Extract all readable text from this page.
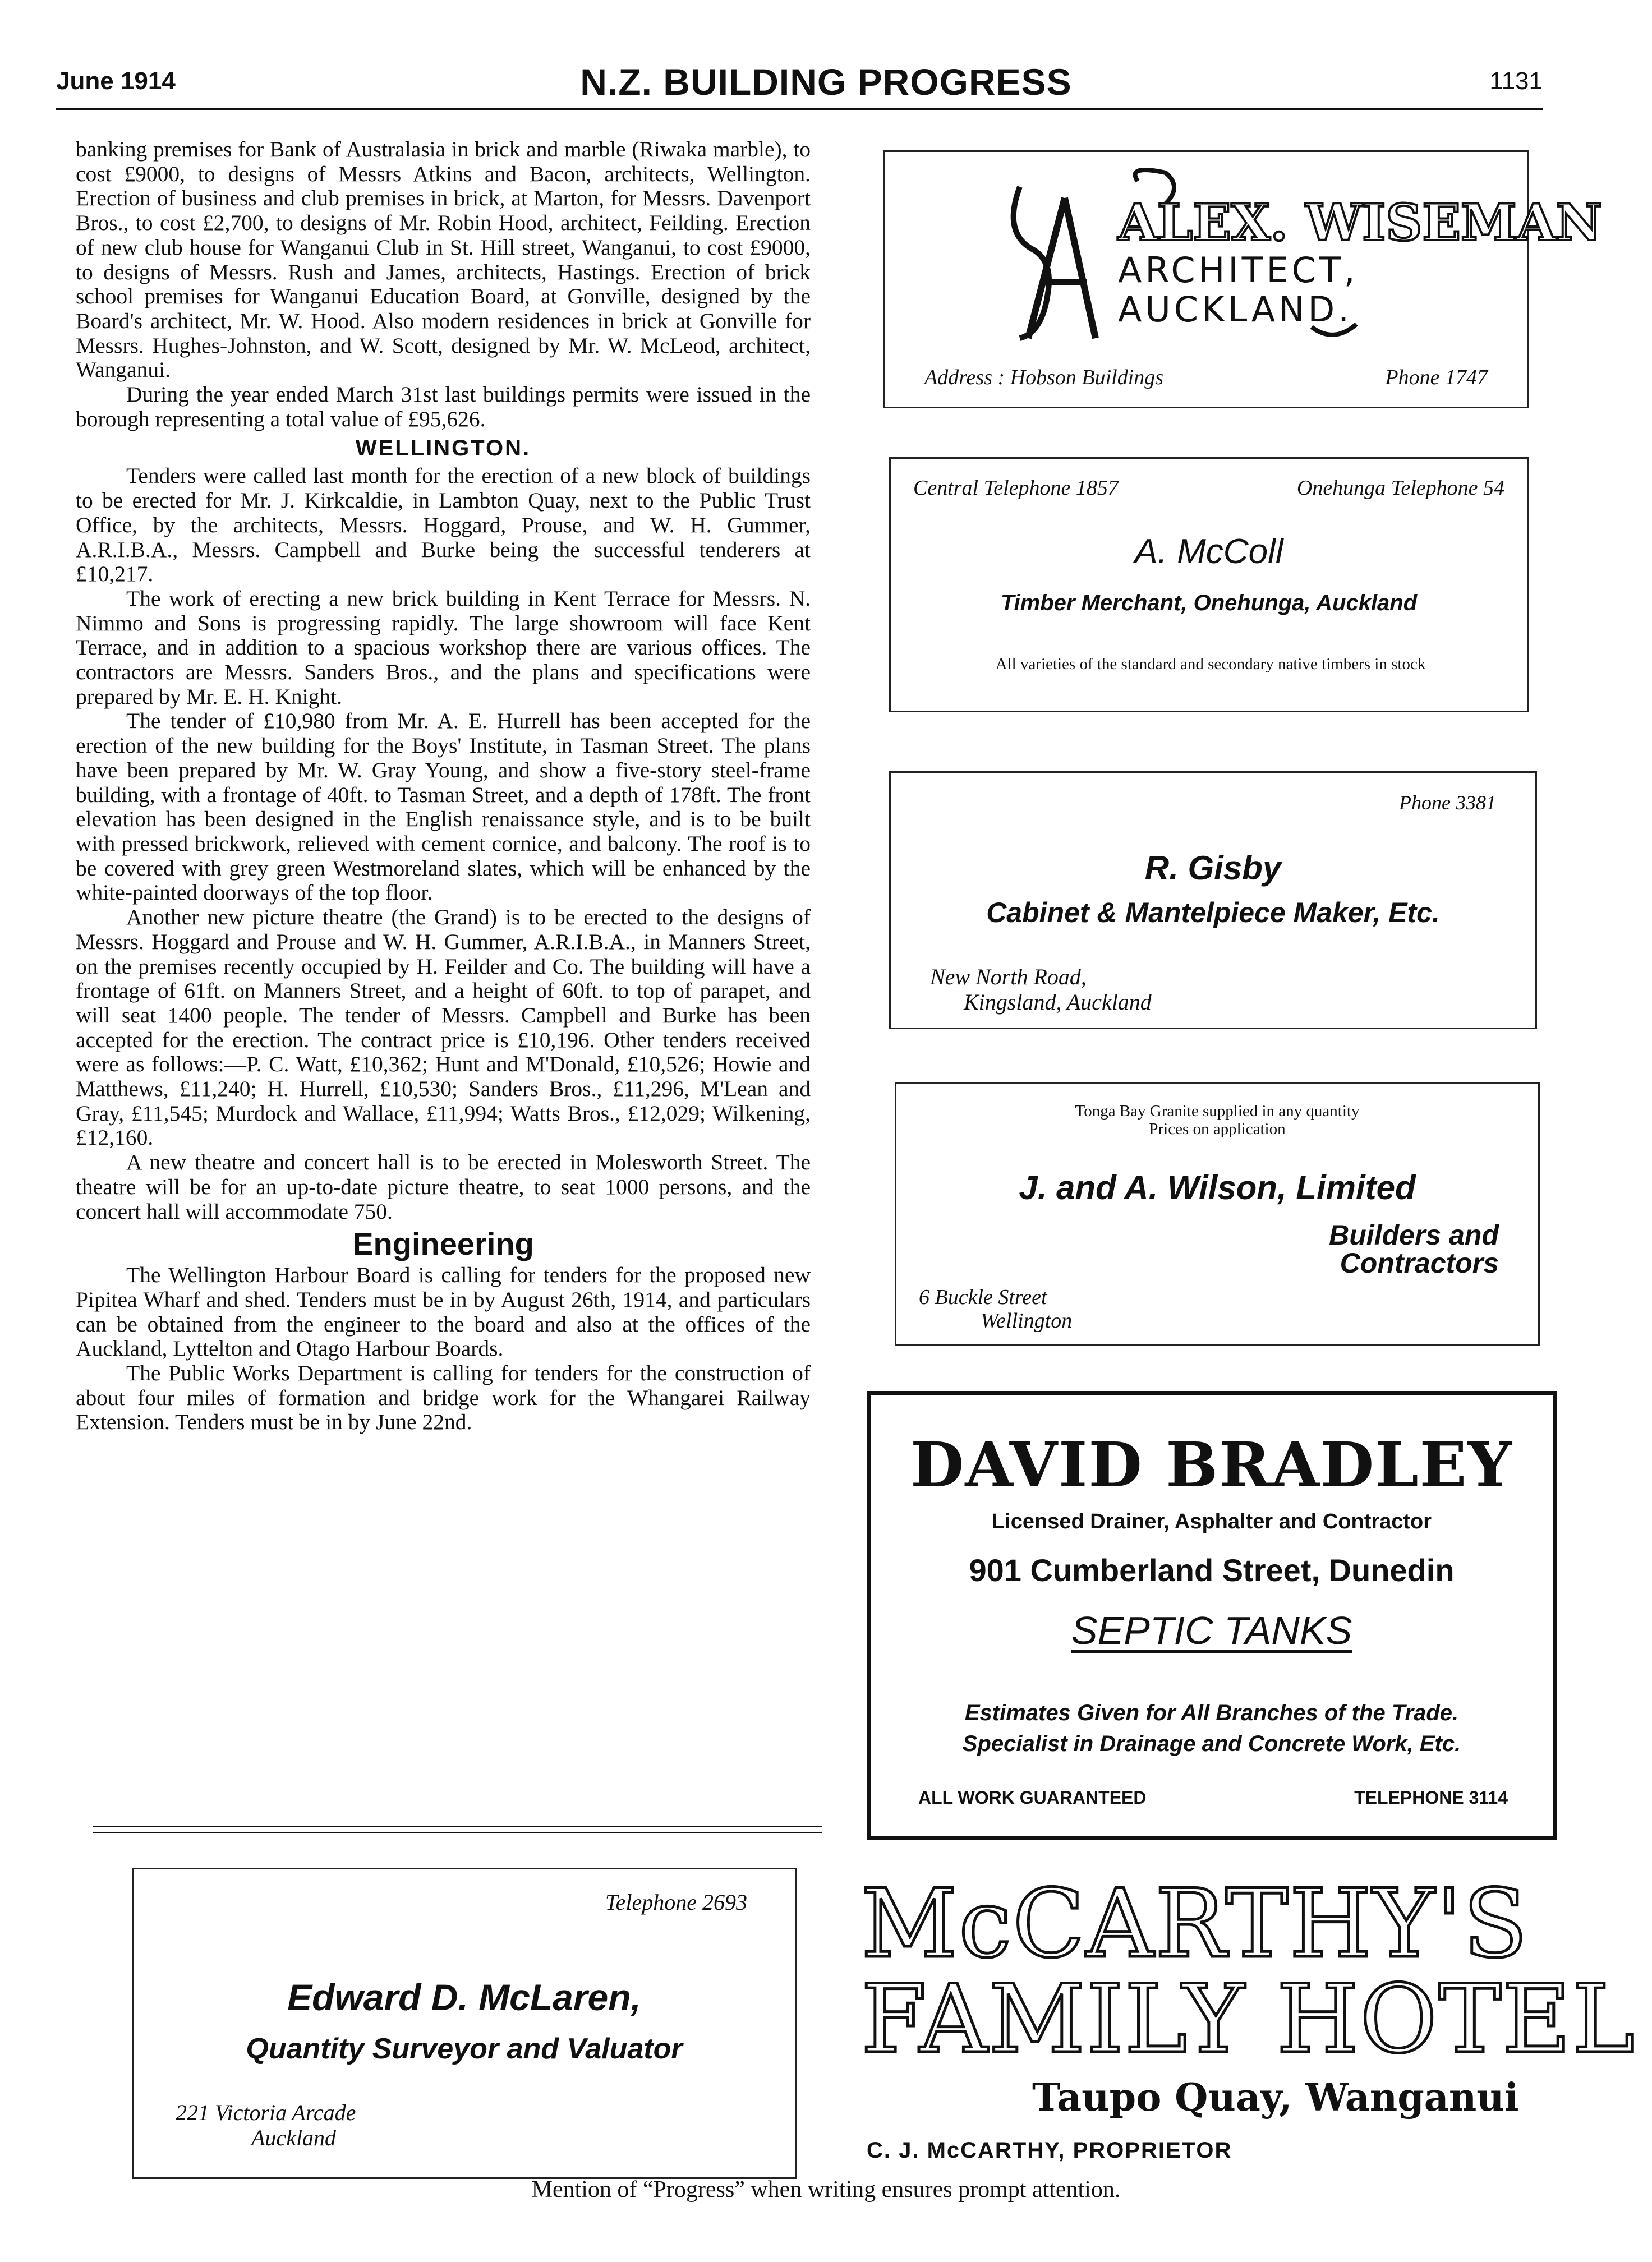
June 1914	N.Z. BUILDING PROGRESS	1131

banking premises for Bank of Australasia in brick and marble (Riwaka marble), to cost £9000, to designs of Messrs Atkins and Bacon, architects, Wellington. Erection of business and club premises in brick, at Marton, for Messrs. Davenport Bros., to cost £2,700, to designs of Mr. Robin Hood, architect, Feilding. Erection of new club house for Wanganui Club in St. Hill street, Wanganui, to cost £9000, to designs of Messrs. Rush and James, architects, Hastings. Erection of brick school premises for Wanganui Education Board, at Gonville, designed by the Board's architect, Mr. W. Hood. Also modern residences in brick at Gonville for Messrs. Hughes-Johnston, and W. Scott, designed by Mr. W. McLeod, architect, Wanganui.

During the year ended March 31st last buildings permits were issued in the borough representing a total value of £95,626.

WELLINGTON.

Tenders were called last month for the erection of a new block of buildings to be erected for Mr. J. Kirkcaldie, in Lambton Quay, next to the Public Trust Office, by the architects, Messrs. Hoggard, Prouse, and W. H. Gummer, A.R.I.B.A., Messrs. Campbell and Burke being the successful tenderers at £10,217.

The work of erecting a new brick building in Kent Terrace for Messrs. N. Nimmo and Sons is progressing rapidly. The large showroom will face Kent Terrace, and in addition to a spacious workshop there are various offices. The contractors are Messrs. Sanders Bros., and the plans and specifications were prepared by Mr. E. H. Knight.

The tender of £10,980 from Mr. A. E. Hurrell has been accepted for the erection of the new building for the Boys' Institute, in Tasman Street. The plans have been prepared by Mr. W. Gray Young, and show a five-story steel-frame building, with a frontage of 40ft. to Tasman Street, and a depth of 178ft. The front elevation has been designed in the English renaissance style, and is to be built with pressed brickwork, relieved with cement cornice, and balcony. The roof is to be covered with grey green Westmoreland slates, which will be enhanced by the white-painted doorways of the top floor.

Another new picture theatre (the Grand) is to be erected to the designs of Messrs. Hoggard and Prouse and W. H. Gummer, A.R.I.B.A., in Manners Street, on the premises recently occupied by H. Feilder and Co. The building will have a frontage of 61ft. on Manners Street, and a height of 60ft. to top of parapet, and will seat 1400 people. The tender of Messrs. Campbell and Burke has been accepted for the erection. The contract price is £10,196. Other tenders received were as follows:—P. C. Watt, £10,362; Hunt and M'Donald, £10,526; Howie and Matthews, £11,240; H. Hurrell, £10,530; Sanders Bros., £11,296, M'Lean and Gray, £11,545; Murdock and Wallace, £11,994; Watts Bros., £12,029; Wilkening, £12,160.

A new theatre and concert hall is to be erected in Molesworth Street. The theatre will be for an up-to-date picture theatre, to seat 1000 persons, and the concert hall will accommodate 750.

Engineering

The Wellington Harbour Board is calling for tenders for the proposed new Pipitea Wharf and shed. Tenders must be in by August 26th, 1914, and particulars can be obtained from the engineer to the board and also at the offices of the Auckland, Lyttelton and Otago Harbour Boards.

The Public Works Department is calling for tenders for the construction of about four miles of formation and bridge work for the Whangarei Railway Extension. Tenders must be in by June 22nd.

ALEX. WISEMAN
ARCHITECT,
AUCKLAND.
Address : Hobson Buildings	Phone 1747
Central Telephone 1857	Onehunga Telephone 54
A. McColl
Timber Merchant, Onehunga, Auckland
All varieties of the standard and secondary native timbers in stock
Phone 3381
R. Gisby
Cabinet & Mantelpiece Maker, Etc.
New North Road,
Kingsland, Auckland
Tonga Bay Granite supplied in any quantity
Prices on application
J. and A. Wilson, Limited
Builders and
Contractors
6 Buckle Street
Wellington
DAVID BRADLEY
Licensed Drainer, Asphalter and Contractor
901 Cumberland Street, Dunedin
SEPTIC TANKS
Estimates Given for All Branches of the Trade.
Specialist in Drainage and Concrete Work, Etc.
ALL WORK GUARANTEED	TELEPHONE 3114
Telephone 2693
Edward D. McLaren,
Quantity Surveyor and Valuator
221 Victoria Arcade
Auckland
McCARTHY'S
FAMILY HOTEL
Taupo Quay, Wanganui
C. J. McCARTHY, PROPRIETOR
Mention of “Progress” when writing ensures prompt attention.
